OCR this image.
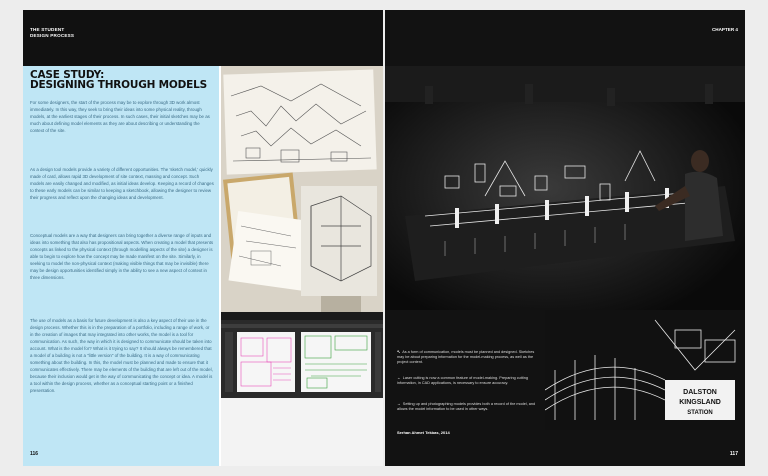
THE STUDENT
DESIGN PROCESS
CASE STUDY:
DESIGNING THROUGH MODELS

For some designers, the start of the process may be to explore through 3D work almost immediately. In this way, they seek to bring their ideas into some physical reality, through models, at the earliest stages of their process. In such cases, their initial sketches may be as much about defining model elements as they are about describing or understanding the context of the site.

As a design tool models provide a variety of different opportunities. The 'sketch model,' quickly made of card, allows rapid 3D development of site context, massing and concept. Such models are easily changed and modified, as initial ideas develop. Keeping a record of changes to these early models can be similar to keeping a sketchbook, allowing the designer to review their progress and reflect upon the changing ideas and development.

Conceptual models are a way that designers can bring together a diverse range of inputs and ideas into something that also has propositional aspects. When creating a model that presents concepts as linked to the physical context (through modelling aspects of the site) a designer is able to begin to explore how the concept may be made manifest on the site. Similarly, in seeking to model the non-physical context (making visible things that may be invisible) there may be design opportunities identified simply in the ability to see a new aspect of context in three dimensions.

The use of models as a basis for future development is also a key aspect of their use in the design process. Whether this is in the preparation of a portfolio, including a range of work, or in the creation of images that may integrated into other works, the model is a tool for communication. As such, the way in which it is designed to communicate should be taken into account. What is the model for? What is it trying to say? It should always be remembered that a model of a building is not a "little version" of the building. It is a way of communicating something about the building. In this, the model must be planned and made to ensure that it communicates effectively. There may be elements of the building that are left out of the model, because their inclusion would get in the way of communicating the concept or idea. A model is a tool within the design process, whether as a conceptual starting point or a finished presentation.

116
CHAPTER 4
DALSTON
KINGSLAND
STATION
↖ As a form of communication, models must be planned and designed. Sketches may be about preparing information for the model-making process, as well as the project content.
← Laser cutting is now a common feature of model-making. Preparing cutting information, in CAD applications, is necessary to ensure accuracy.
→ Setting up and photographing models provides both a record of the model, and allows the model information to be used in other ways.
Serhan Ahmet Tekbas, 2014
117
